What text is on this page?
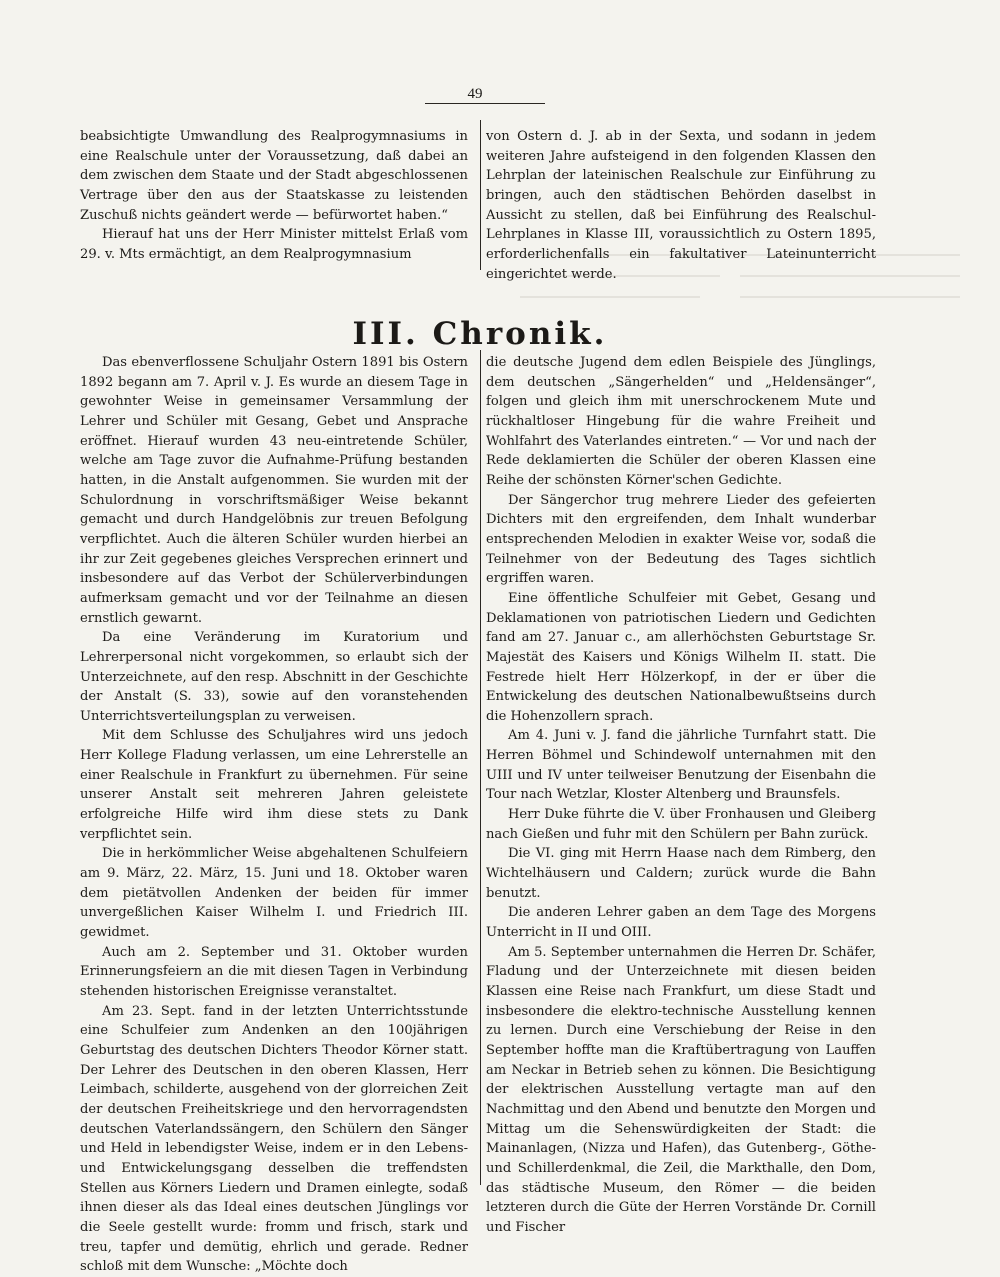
49

beabsichtigte Umwandlung des Realprogymnasiums in eine Realschule unter der Voraussetzung, daß dabei an dem zwischen dem Staate und der Stadt abgeschlossenen Vertrage über den aus der Staatskasse zu leistenden Zuschuß nichts geändert werde — befürwortet haben.“

Hierauf hat uns der Herr Minister mittelst Erlaß vom 29. v. Mts ermächtigt, an dem Realprogymnasium

von Ostern d. J. ab in der Sexta, und sodann in jedem weiteren Jahre aufsteigend in den folgenden Klassen den Lehrplan der lateinischen Realschule zur Einführung zu bringen, auch den städtischen Behörden daselbst in Aussicht zu stellen, daß bei Einführung des Realschul-Lehrplanes in Klasse III, voraussichtlich zu Ostern 1895, erforderlichenfalls ein fakultativer Lateinunterricht eingerichtet werde.

III. Chronik.

Das ebenverflossene Schuljahr Ostern 1891 bis Ostern 1892 begann am 7. April v. J. Es wurde an diesem Tage in gewohnter Weise in gemeinsamer Versammlung der Lehrer und Schüler mit Gesang, Gebet und Ansprache eröffnet. Hierauf wurden 43 neu-eintretende Schüler, welche am Tage zuvor die Aufnahme-Prüfung bestanden hatten, in die Anstalt aufgenommen. Sie wurden mit der Schulordnung in vorschriftsmäßiger Weise bekannt gemacht und durch Handgelöbnis zur treuen Befolgung verpflichtet. Auch die älteren Schüler wurden hierbei an ihr zur Zeit gegebenes gleiches Versprechen erinnert und insbesondere auf das Verbot der Schülerverbindungen aufmerksam gemacht und vor der Teilnahme an diesen ernstlich gewarnt.

Da eine Veränderung im Kuratorium und Lehrerpersonal nicht vorgekommen, so erlaubt sich der Unterzeichnete, auf den resp. Abschnitt in der Geschichte der Anstalt (S. 33), sowie auf den voranstehenden Unterrichtsverteilungsplan zu verweisen.

Mit dem Schlusse des Schuljahres wird uns jedoch Herr Kollege Fladung verlassen, um eine Lehrerstelle an einer Realschule in Frankfurt zu übernehmen. Für seine unserer Anstalt seit mehreren Jahren geleistete erfolgreiche Hilfe wird ihm diese stets zu Dank verpflichtet sein.

Die in herkömmlicher Weise abgehaltenen Schulfeiern am 9. März, 22. März, 15. Juni und 18. Oktober waren dem pietätvollen Andenken der beiden für immer unvergeßlichen Kaiser Wilhelm I. und Friedrich III. gewidmet.

Auch am 2. September und 31. Oktober wurden Erinnerungsfeiern an die mit diesen Tagen in Verbindung stehenden historischen Ereignisse veranstaltet.

Am 23. Sept. fand in der letzten Unterrichtsstunde eine Schulfeier zum Andenken an den 100jährigen Geburtstag des deutschen Dichters Theodor Körner statt. Der Lehrer des Deutschen in den oberen Klassen, Herr Leimbach, schilderte, ausgehend von der glorreichen Zeit der deutschen Freiheitskriege und den hervorragendsten deutschen Vaterlandssängern, den Schülern den Sänger und Held in lebendigster Weise, indem er in den Lebens- und Entwickelungsgang desselben die treffendsten Stellen aus Körners Liedern und Dramen einlegte, sodaß ihnen dieser als das Ideal eines deutschen Jünglings vor die Seele gestellt wurde: fromm und frisch, stark und treu, tapfer und demütig, ehrlich und gerade. Redner schloß mit dem Wunsche: „Möchte doch

die deutsche Jugend dem edlen Beispiele des Jünglings, dem deutschen „Sängerhelden“ und „Heldensänger“, folgen und gleich ihm mit unerschrockenem Mute und rückhaltloser Hingebung für die wahre Freiheit und Wohlfahrt des Vaterlandes eintreten.“ — Vor und nach der Rede deklamierten die Schüler der oberen Klassen eine Reihe der schönsten Körner'schen Gedichte.

Der Sängerchor trug mehrere Lieder des gefeierten Dichters mit den ergreifenden, dem Inhalt wunderbar entsprechenden Melodien in exakter Weise vor, sodaß die Teilnehmer von der Bedeutung des Tages sichtlich ergriffen waren.

Eine öffentliche Schulfeier mit Gebet, Gesang und Deklamationen von patriotischen Liedern und Gedichten fand am 27. Januar c., am allerhöchsten Geburtstage Sr. Majestät des Kaisers und Königs Wilhelm II. statt. Die Festrede hielt Herr Hölzerkopf, in der er über die Entwickelung des deutschen Nationalbewußtseins durch die Hohenzollern sprach.

Am 4. Juni v. J. fand die jährliche Turnfahrt statt. Die Herren Böhmel und Schindewolf unternahmen mit den UIII und IV unter teilweiser Benutzung der Eisenbahn die Tour nach Wetzlar, Kloster Altenberg und Braunsfels.

Herr Duke führte die V. über Fronhausen und Gleiberg nach Gießen und fuhr mit den Schülern per Bahn zurück.

Die VI. ging mit Herrn Haase nach dem Rimberg, den Wichtelhäusern und Caldern; zurück wurde die Bahn benutzt.

Die anderen Lehrer gaben an dem Tage des Morgens Unterricht in II und OIII.

Am 5. September unternahmen die Herren Dr. Schäfer, Fladung und der Unterzeichnete mit diesen beiden Klassen eine Reise nach Frankfurt, um diese Stadt und insbesondere die elektro-technische Ausstellung kennen zu lernen. Durch eine Verschiebung der Reise in den September hoffte man die Kraftübertragung von Lauffen am Neckar in Betrieb sehen zu können. Die Besichtigung der elektrischen Ausstellung vertagte man auf den Nachmittag und den Abend und benutzte den Morgen und Mittag um die Sehenswürdigkeiten der Stadt: die Mainanlagen, (Nizza und Hafen), das Gutenberg-, Göthe- und Schillerdenkmal, die Zeil, die Markthalle, den Dom, das städtische Museum, den Römer — die beiden letzteren durch die Güte der Herren Vorstände Dr. Cornill und Fischer
